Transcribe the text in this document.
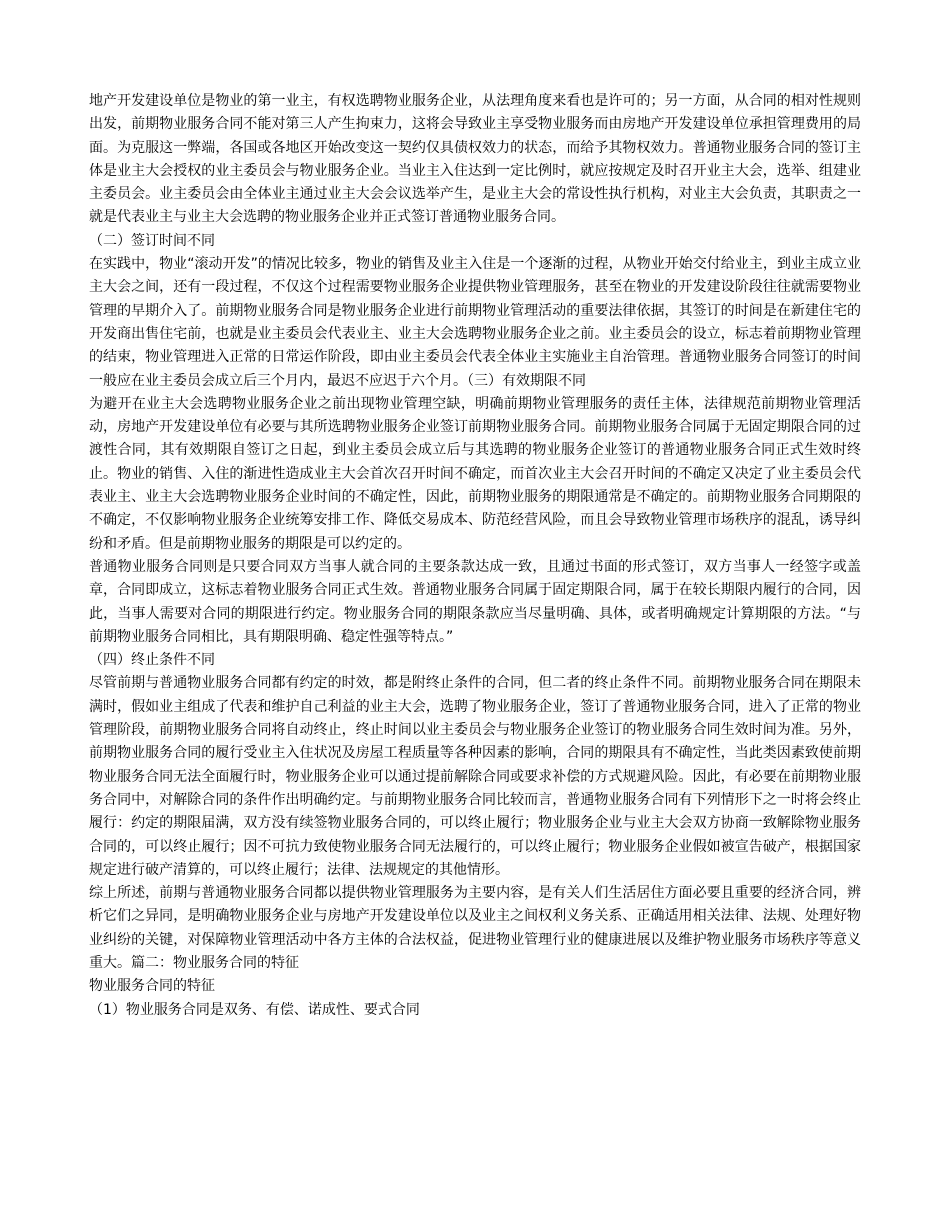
地产开发建设单位是物业的第一业主，有权选聘物业服务企业，从法理角度来看也是许可的；另一方面，从合同的相对性规则出发，前期物业服务合同不能对第三人产生拘束力，这将会导致业主享受物业服务而由房地产开发建设单位承担管理费用的局面。为克服这一弊端，各国或各地区开始改变这一契约仅具债权效力的状态，而给予其物权效力。普通物业服务合同的签订主体是业主大会授权的业主委员会与物业服务企业。当业主入住达到一定比例时，就应按规定及时召开业主大会，选举、组建业主委员会。业主委员会由全体业主通过业主大会会议选举产生，是业主大会的常设性执行机构，对业主大会负责，其职责之一就是代表业主与业主大会选聘的物业服务企业并正式签订普通物业服务合同。

（二）签订时间不同

在实践中，物业“滚动开发”的情况比较多，物业的销售及业主入住是一个逐渐的过程，从物业开始交付给业主，到业主成立业主大会之间，还有一段过程，不仅这个过程需要物业服务企业提供物业管理服务，甚至在物业的开发建设阶段往往就需要物业管理的早期介入了。前期物业服务合同是物业服务企业进行前期物业管理活动的重要法律依据，其签订的时间是在新建住宅的开发商出售住宅前，也就是业主委员会代表业主、业主大会选聘物业服务企业之前。业主委员会的设立，标志着前期物业管理的结束，物业管理进入正常的日常运作阶段，即由业主委员会代表全体业主实施业主自治管理。普通物业服务合同签订的时间一般应在业主委员会成立后三个月内，最迟不应迟于六个月。（三）有效期限不同

为避开在业主大会选聘物业服务企业之前出现物业管理空缺，明确前期物业管理服务的责任主体，法律规范前期物业管理活动，房地产开发建设单位有必要与其所选聘物业服务企业签订前期物业服务合同。前期物业服务合同属于无固定期限合同的过渡性合同，其有效期限自签订之日起，到业主委员会成立后与其选聘的物业服务企业签订的普通物业服务合同正式生效时终止。物业的销售、入住的渐进性造成业主大会首次召开时间不确定，而首次业主大会召开时间的不确定又决定了业主委员会代表业主、业主大会选聘物业服务企业时间的不确定性，因此，前期物业服务的期限通常是不确定的。前期物业服务合同期限的不确定，不仅影响物业服务企业统筹安排工作、降低交易成本、防范经营风险，而且会导致物业管理市场秩序的混乱，诱导纠纷和矛盾。但是前期物业服务的期限是可以约定的。

普通物业服务合同则是只要合同双方当事人就合同的主要条款达成一致，且通过书面的形式签订，双方当事人一经签字或盖章，合同即成立，这标志着物业服务合同正式生效。普通物业服务合同属于固定期限合同，属于在较长期限内履行的合同，因此，当事人需要对合同的期限进行约定。物业服务合同的期限条款应当尽量明确、具体，或者明确规定计算期限的方法。“与前期物业服务合同相比，具有期限明确、稳定性强等特点。”

（四）终止条件不同

尽管前期与普通物业服务合同都有约定的时效，都是附终止条件的合同，但二者的终止条件不同。前期物业服务合同在期限未满时，假如业主组成了代表和维护自己利益的业主大会，选聘了物业服务企业，签订了普通物业服务合同，进入了正常的物业管理阶段，前期物业服务合同将自动终止，终止时间以业主委员会与物业服务企业签订的物业服务合同生效时间为准。另外，前期物业服务合同的履行受业主入住状况及房屋工程质量等各种因素的影响，合同的期限具有不确定性，当此类因素致使前期物业服务合同无法全面履行时，物业服务企业可以通过提前解除合同或要求补偿的方式规避风险。因此，有必要在前期物业服务合同中，对解除合同的条件作出明确约定。与前期物业服务合同比较而言，普通物业服务合同有下列情形下之一时将会终止履行：约定的期限届满，双方没有续签物业服务合同的，可以终止履行；物业服务企业与业主大会双方协商一致解除物业服务合同的，可以终止履行；因不可抗力致使物业服务合同无法履行的，可以终止履行；物业服务企业假如被宣告破产，根据国家规定进行破产清算的，可以终止履行；法律、法规规定的其他情形。

综上所述，前期与普通物业服务合同都以提供物业管理服务为主要内容，是有关人们生活居住方面必要且重要的经济合同，辨析它们之异同，是明确物业服务企业与房地产开发建设单位以及业主之间权利义务关系、正确适用相关法律、法规、处理好物业纠纷的关键，对保障物业管理活动中各方主体的合法权益，促进物业管理行业的健康进展以及维护物业服务市场秩序等意义重大。篇二：物业服务合同的特征

物业服务合同的特征

（1）物业服务合同是双务、有偿、诺成性、要式合同
